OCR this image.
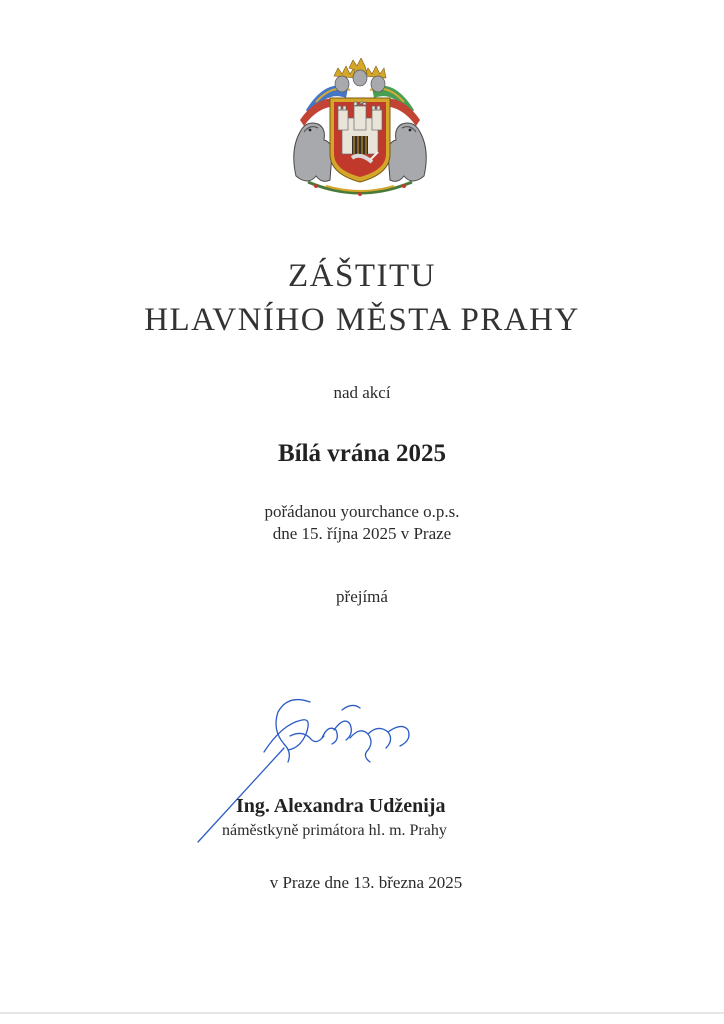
ZÁŠTITU
HLAVNÍHO MĚSTA PRAHY
nad akcí
Bílá vrána 2025
pořádanou yourchance o.p.s.
dne 15. října 2025 v Praze
přejímá
Ing. Alexandra Udženija
náměstkyně primátora hl. m. Prahy
v Praze dne 13. března 2025
